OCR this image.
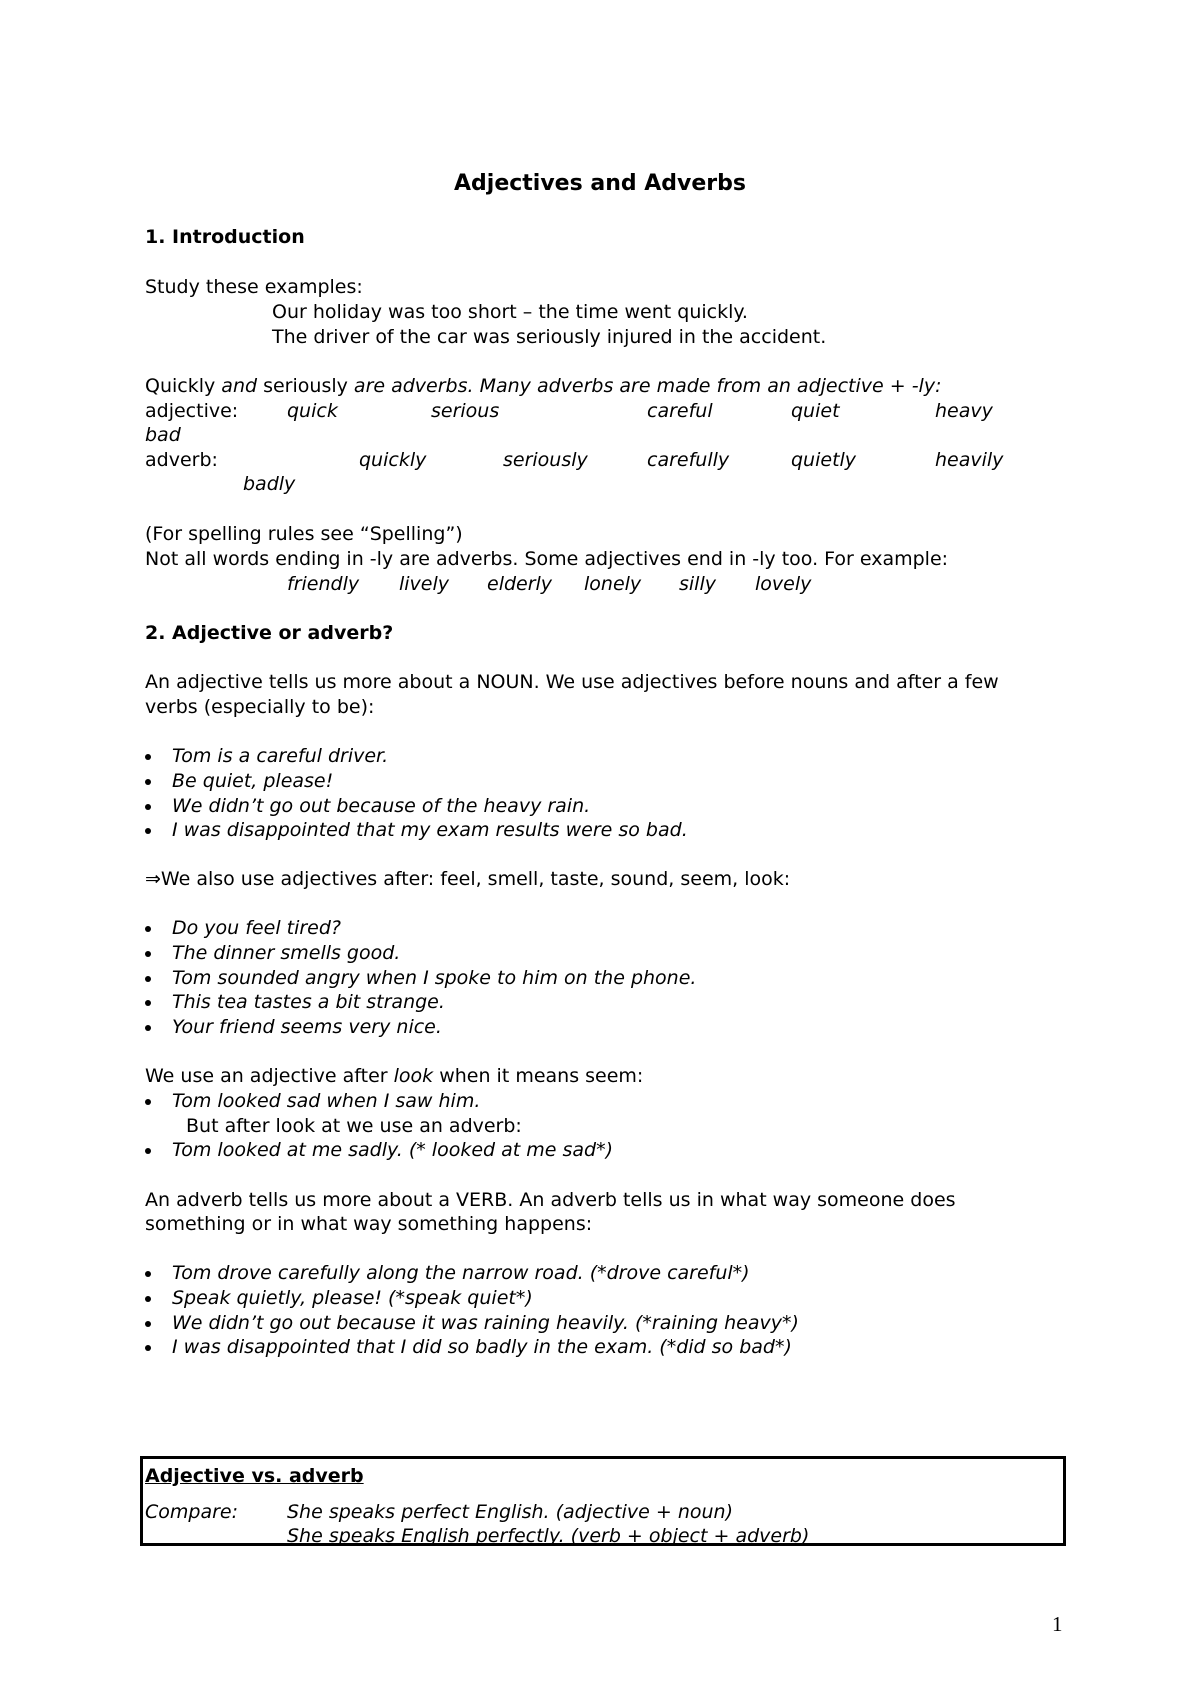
Adjectives and Adverbs
1. Introduction
Study these examples:
Our holiday was too short – the time went quickly.
The driver of the car was seriously injured in the accident.
Quickly and seriously are adverbs. Many adverbs are made from an adjective + -ly:
adjective:	quick	serious	careful	quiet	heavy
bad
adverb:	quickly	seriously	carefully	quietly	heavily
badly
(For spelling rules see “Spelling”)
Not all words ending in -ly are adverbs. Some adjectives end in -ly too. For example:
friendly lively elderly lonely silly lovely
2. Adjective or adverb?
An adjective tells us more about a NOUN. We use adjectives before nouns and after a few
verbs (especially to be):
Tom is a careful driver.
Be quiet, please!
We didn’t go out because of the heavy rain.
I was disappointed that my exam results were so bad.
⇒We also use adjectives after: feel, smell, taste, sound, seem, look:
Do you feel tired?
The dinner smells good.
Tom sounded angry when I spoke to him on the phone.
This tea tastes a bit strange.
Your friend seems very nice.
We use an adjective after look when it means seem:
Tom looked sad when I saw him.
But after look at we use an adverb:
Tom looked at me sadly. (* looked at me sad*)
An adverb tells us more about a VERB. An adverb tells us in what way someone does
something or in what way something happens:
Tom drove carefully along the narrow road. (*drove careful*)
Speak quietly, please! (*speak quiet*)
We didn’t go out because it was raining heavily. (*raining heavy*)
I was disappointed that I did so badly in the exam. (*did so bad*)
Adjective vs. adverb
Compare:	She speaks perfect English. (adjective + noun)
She speaks English perfectly. (verb + object + adverb)
1
